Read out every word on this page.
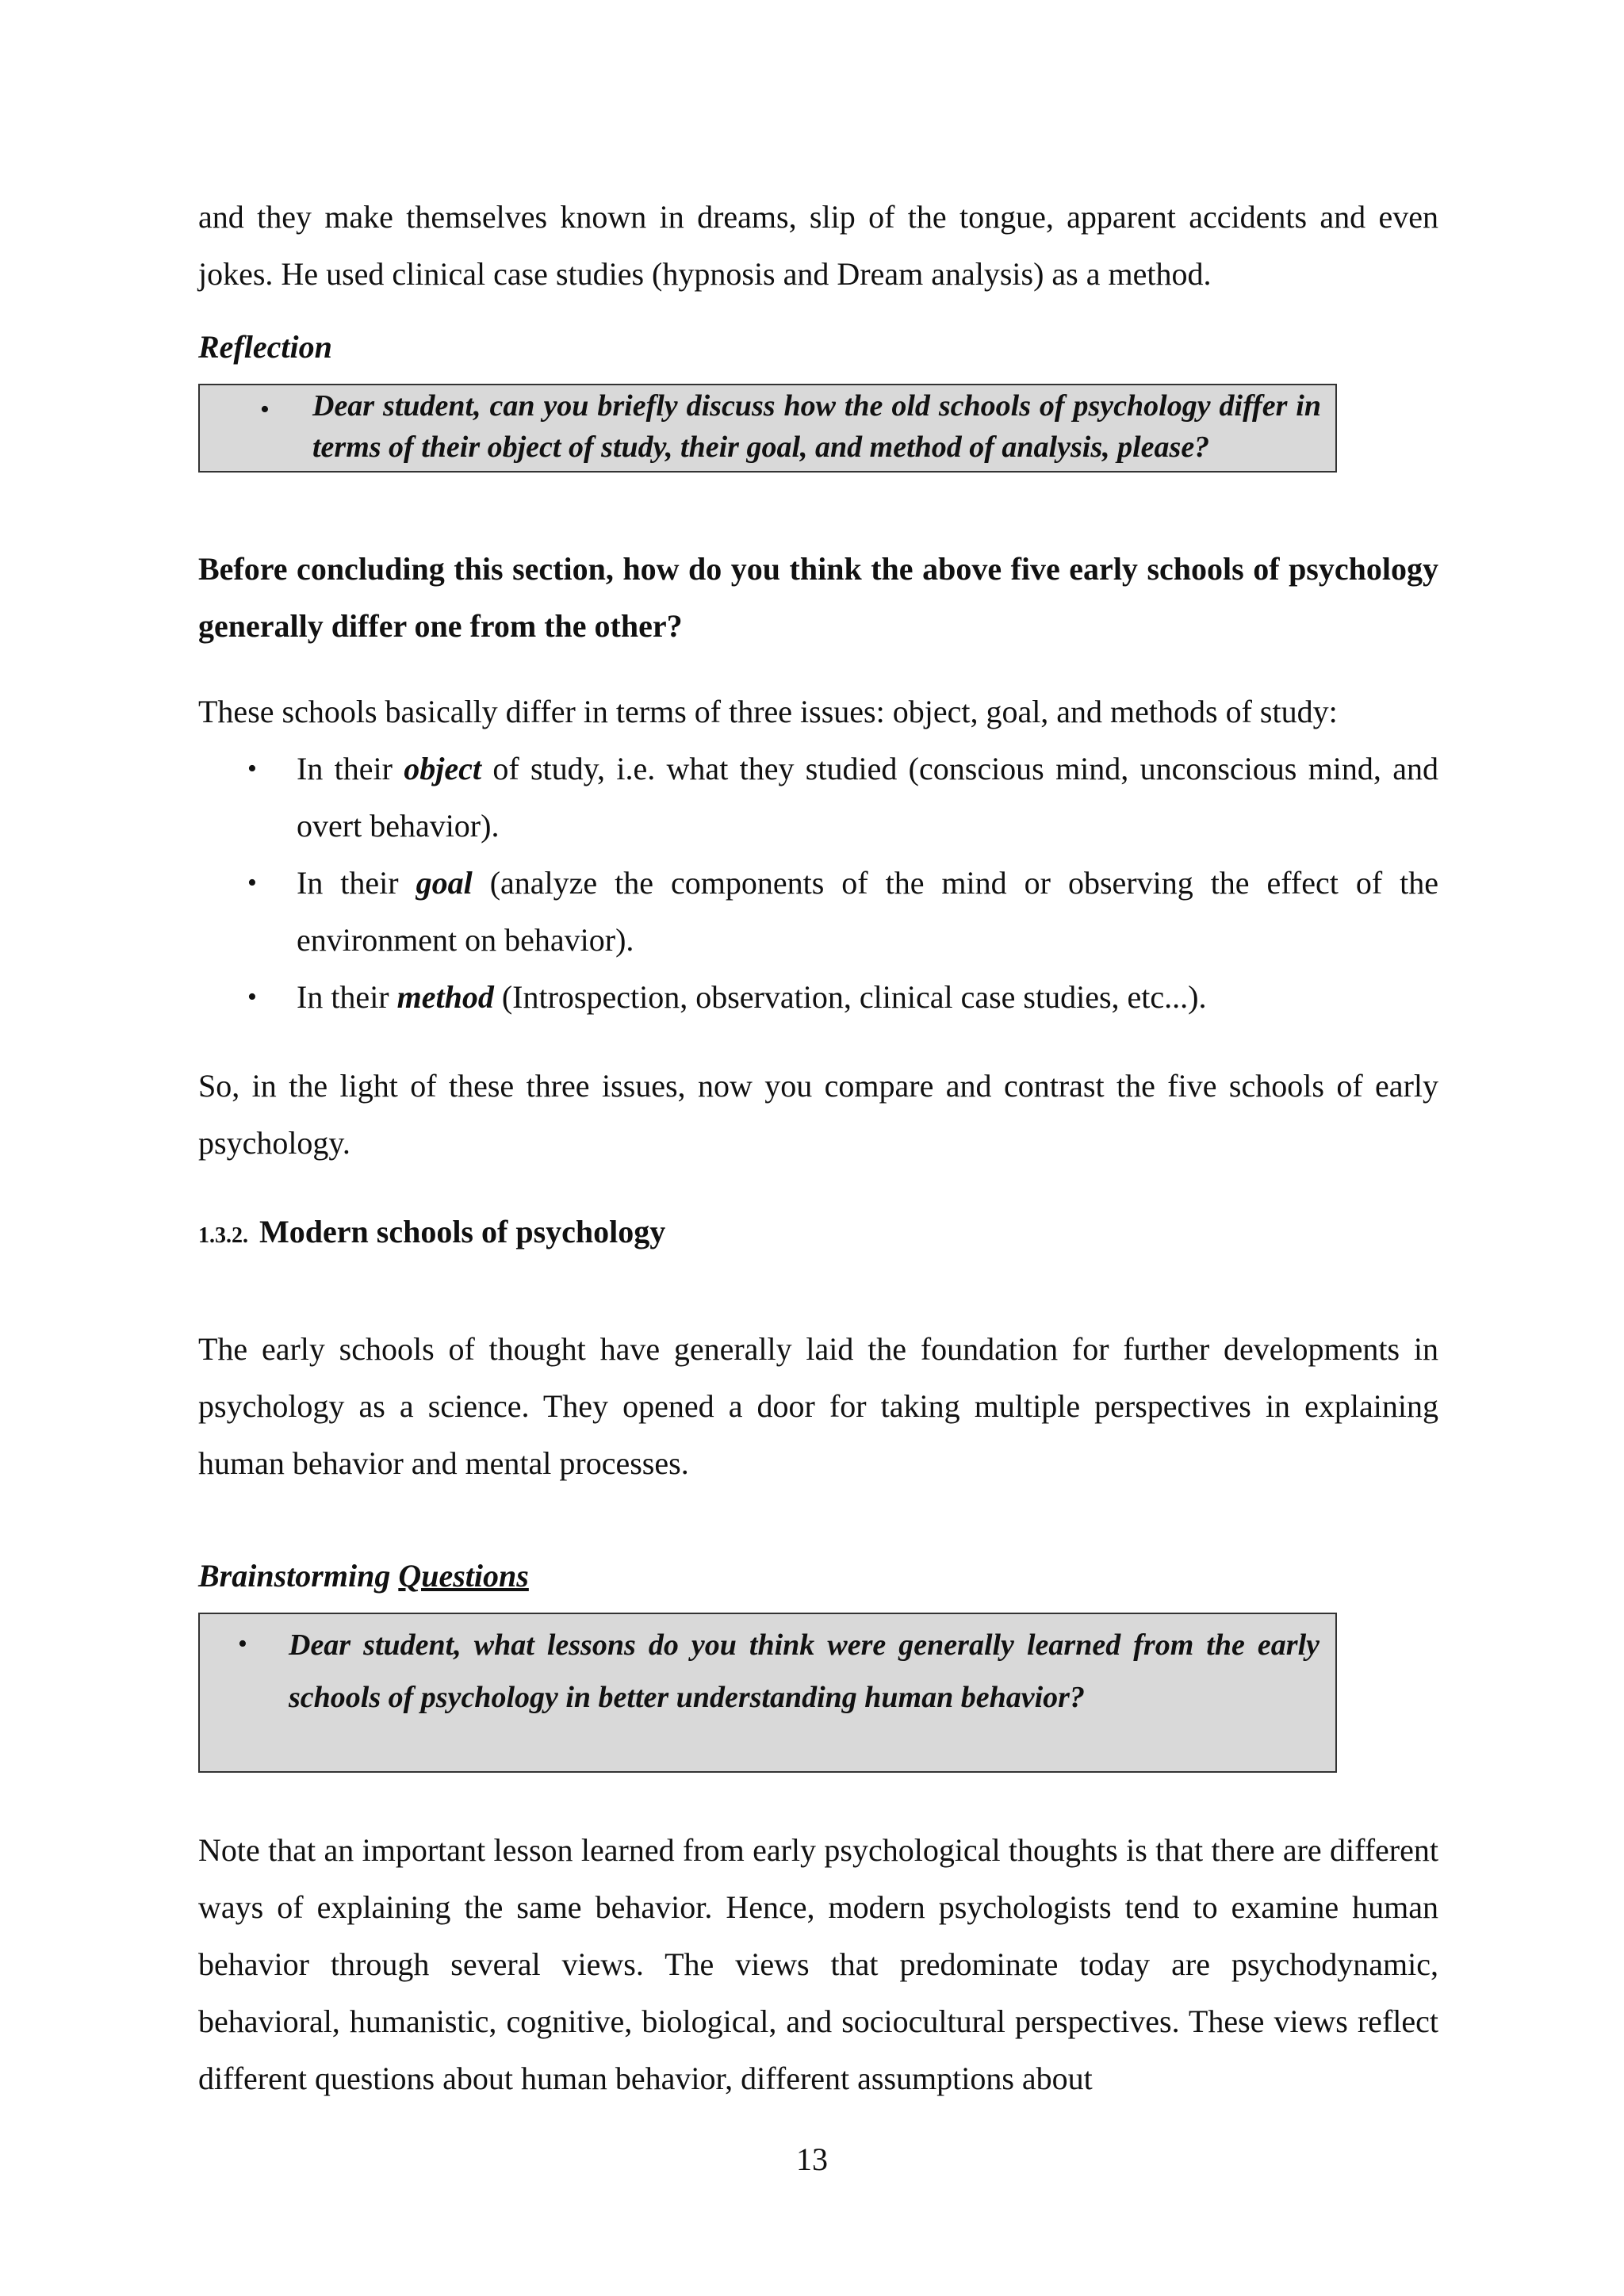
and they make themselves known in dreams, slip of the tongue, apparent accidents and even jokes. He used clinical case studies (hypnosis and Dream analysis) as a method.

Reflection

• Dear student, can you briefly discuss how the old schools of psychology differ in terms of their object of study, their goal, and method of analysis, please?

Before concluding this section, how do you think the above five early schools of psychology generally differ one from the other?

These schools basically differ in terms of three issues: object, goal, and methods of study:

• In their object of study, i.e. what they studied (conscious mind, unconscious mind, and overt behavior).
• In their goal (analyze the components of the mind or observing the effect of the environment on behavior).
• In their method (Introspection, observation, clinical case studies, etc...).

So, in the light of these three issues, now you compare and contrast the five schools of early psychology.

1.3.2. Modern schools of psychology

The early schools of thought have generally laid the foundation for further developments in psychology as a science. They opened a door for taking multiple perspectives in explaining human behavior and mental processes.

Brainstorming Questions

• Dear student, what lessons do you think were generally learned from the early schools of psychology in better understanding human behavior?

Note that an important lesson learned from early psychological thoughts is that there are different ways of explaining the same behavior. Hence, modern psychologists tend to examine human behavior through several views. The views that predominate today are psychodynamic, behavioral, humanistic, cognitive, biological, and sociocultural perspectives. These views reflect different questions about human behavior, different assumptions about

13
